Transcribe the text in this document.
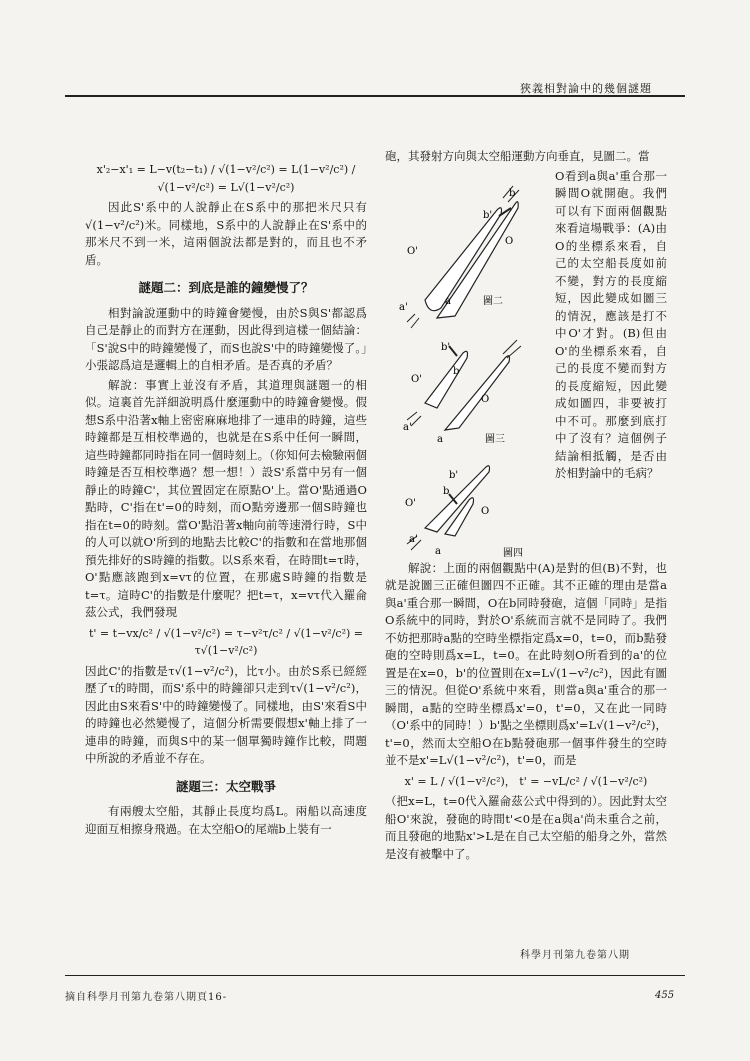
狹義相對論中的幾個謎題
x'₂−x'₁ = L−v(t₂−t₁) / √(1−v²/c²) = L(1−v²/c²) / √(1−v²/c²) = L√(1−v²/c²)

因此S'系中的人說靜止在S系中的那把米尺只有√(1−v²/c²)米。同樣地，S系中的人說靜止在S'系中的那米尺不到一米，這兩個說法都是對的，而且也不矛盾。

謎題二：到底是誰的鐘變慢了？

相對論說運動中的時鐘會變慢，由於S與S'都認爲自己是靜止的而對方在運動，因此得到這樣一個結論：「S'說S中的時鐘變慢了，而S也說S'中的時鐘變慢了。」小張認爲這是邏輯上的自相矛盾。是否真的矛盾？

解說：事實上並沒有矛盾，其道理與謎題一的相似。這裏首先詳細說明爲什麼運動中的時鐘會變慢。假想S系中沿著x軸上密密麻麻地排了一連串的時鐘，這些時鐘都是互相校準過的，也就是在S系中任何一瞬間，這些時鐘都同時指在同一個時刻上。（你知何去檢驗兩個時鐘是否互相校準過？想一想！）設S'系當中另有一個靜止的時鐘C'，其位置固定在原點O'上。當O'點通過O點時，C'指在t'=0的時刻，而O點旁邊那一個S時鐘也指在t=0的時刻。當O'點沿著x軸向前等速滑行時，S中的人可以就O'所到的地點去比較C'的指數和在當地那個預先排好的S時鐘的指數。以S系來看，在時間t=τ時，O'點應該跑到x=vτ的位置，在那處S時鐘的指數是t=τ。這時C'的指數是什麼呢？把t=τ，x=vτ代入羅侖茲公式，我們發現

t' = t−vx/c² / √(1−v²/c²) = τ−v²τ/c² / √(1−v²/c²) = τ√(1−v²/c²)

因此C'的指數是τ√(1−v²/c²)，比τ小。由於S系已經經歷了τ的時間，而S'系中的時鐘卻只走到τ√(1−v²/c²)，因此由S來看S'中的時鐘變慢了。同樣地，由S'來看S中的時鐘也必然變慢了，這個分析需要假想x'軸上排了一連串的時鐘，而與S中的某一個單獨時鐘作比較，問題中所說的矛盾並不存在。

謎題三：太空戰爭

有兩艘太空船，其靜止長度均爲L。兩船以高速度迎面互相擦身飛過。在太空船O的尾端b上裝有一

砲，其發射方向與太空船運動方向垂直，見圖二。當

b'
b
O'
O
a'
a	圖二
b'
b
O'
O
a'
a	圖三
b'
b
O'
O
a'
a	圖四
O看到a與a'重合那一瞬間O就開砲。我們可以有下面兩個觀點來看這場戰爭：(A)由O的坐標系來看，自己的太空船長度如前不變，對方的長度縮短，因此變成如圖三的情況，應該是打不中O'才對。(B)但由O'的坐標系來看，自己的長度不變而對方的長度縮短，因此變成如圖四，非要被打中不可。那麼到底打中了沒有？這個例子結論相抵觸，是否由於相對論中的毛病？

解說：上面的兩個觀點中(A)是對的但(B)不對，也就是說圖三正確但圖四不正確。其不正確的理由是當a與a'重合那一瞬間，O在b同時發砲，這個「同時」是指O系統中的同時，對於O'系統而言就不是同時了。我們不妨把那時a點的空時坐標指定爲x=0，t=0，而b點發砲的空時則爲x=L，t=0。在此時刻O所看到的a'的位置是在x=0，b'的位置則在x=L√(1−v²/c²)，因此有圖三的情況。但從O'系統中來看，則當a與a'重合的那一瞬間，a點的空時坐標爲x'=0，t'=0，又在此一同時（O'系中的同時！）b'點之坐標則爲x'=L√(1−v²/c²)，t'=0，然而太空船O在b點發砲那一個事件發生的空時並不是x'=L√(1−v²/c²)，t'=0，而是

x' = L / √(1−v²/c²)， t' = −vL/c² / √(1−v²/c²)

（把x=L，t=0代入羅侖茲公式中得到的）。因此對太空船O'來說，發砲的時間t'<0是在a與a'尚未重合之前，而且發砲的地點x'>L是在自己太空船的船身之外，當然是沒有被擊中了。

科學月刊第九卷第八期
摘自科學月刊第九卷第八期頁16-	455
